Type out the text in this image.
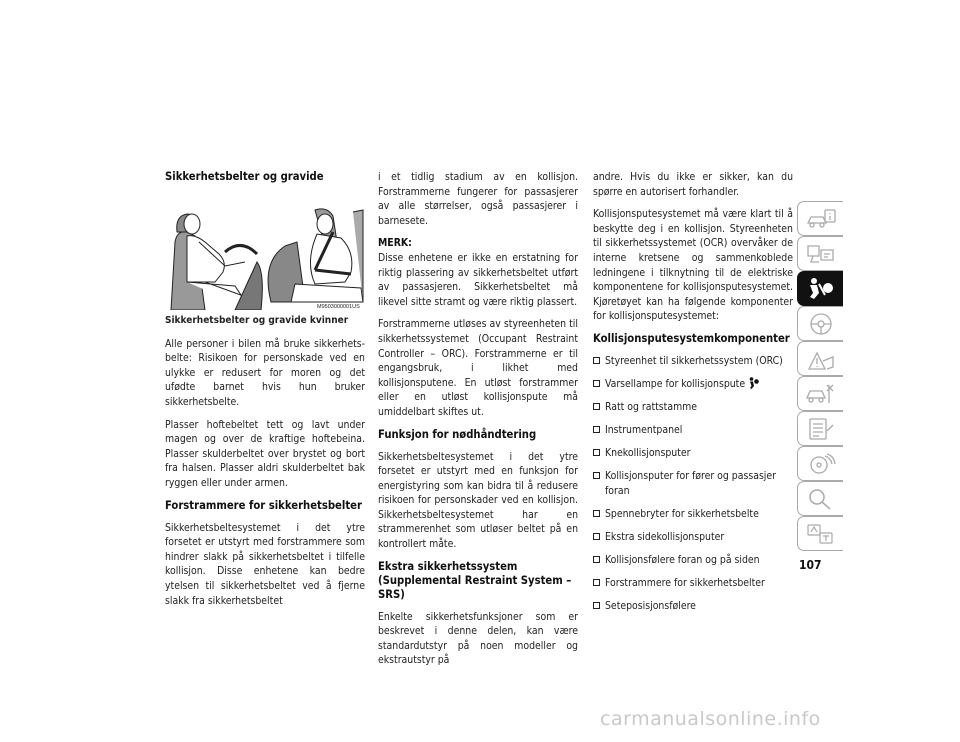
Sikkerhetsbelter og gravide
M9503000001US

Sikkerhetsbelter og gravide kvinner

Alle personer i bilen må bruke sikkerhetsbelte: Risikoen for personskade ved en ulykke er redusert for moren og det ufødte barnet hvis hun bruker sikkerhetsbelte.

Plasser hoftebeltet tett og lavt under magen og over de kraftige hoftebeina. Plasser skulderbeltet over brystet og bort fra halsen. Plasser aldri skulderbeltet bak ryggen eller under armen.

Forstrammere for sikkerhetsbelter

Sikkerhetsbeltesystemet i det ytre forsetet er utstyrt med forstrammere som hindrer slakk på sikkerhetsbeltet i tilfelle kollisjon. Disse enhetene kan bedre ytelsen til sikkerhetsbeltet ved å fjerne slakk fra sikkerhetsbeltet

i et tidlig stadium av en kollisjon. Forstrammerne fungerer for passasjerer av alle størrelser, også passasjerer i barnesete.

MERK:

Disse enhetene er ikke en erstatning for riktig plassering av sikkerhetsbeltet utført av passasjeren. Sikkerhetsbeltet må likevel sitte stramt og være riktig plassert.

Forstrammerne utløses av styreenheten til sikkerhetssystemet (Occupant Restraint Controller – ORC). Forstrammerne er til engangsbruk, i likhet med kollisjonsputene. En utløst forstrammer eller en utløst kollisjonspute må umiddelbart skiftes ut.

Funksjon for nødhåndtering

Sikkerhetsbeltesystemet i det ytre forsetet er utstyrt med en funksjon for energistyring som kan bidra til å redusere risikoen for personskader ved en kollisjon. Sikkerhetsbeltesystemet har en strammerenhet som utløser beltet på en kontrollert måte.

Ekstra sikkerhetssystem (Supplemental Restraint System – SRS)

Enkelte sikkerhetsfunksjoner som er beskrevet i denne delen, kan være standardutstyr på noen modeller og ekstrautstyr på

andre. Hvis du ikke er sikker, kan du spørre en autorisert forhandler.

Kollisjonsputesystemet må være klart til å beskytte deg i en kollisjon. Styreenheten til sikkerhetssystemet (OCR) overvåker de interne kretsene og sammenkoblede ledningene i tilknytning til de elektriske komponentene for kollisjonsputesystemet. Kjøretøyet kan ha følgende komponenter for kollisjonsputesystemet:

Kollisjonsputesystemkomponenter
Styreenhet til sikkerhetssystem (ORC)
Varsellampe for kollisjonspute
Ratt og rattstamme
Instrumentpanel
Knekollisjonsputer
Kollisjonsputer for fører og passasjer foran
Spennebryter for sikkerhetsbelte
Ekstra sidekollisjonsputer
Kollisjonsfølere foran og på siden
Forstrammere for sikkerhetsbelter
Seteposisjonsfølere
107
carmanualsonline.info
